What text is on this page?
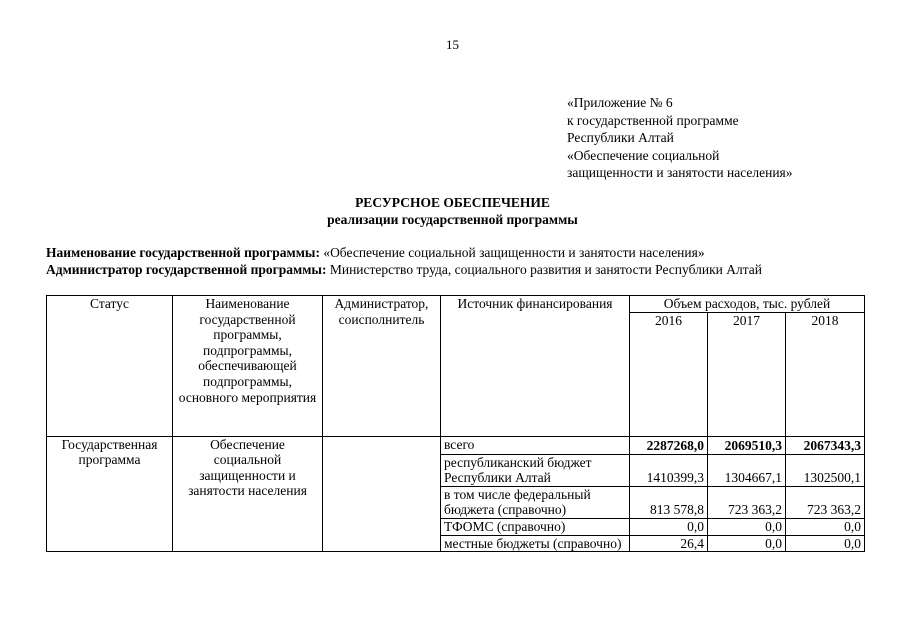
15
«Приложение № 6
к государственной программе
Республики Алтай
«Обеспечение социальной
защищенности и занятости населения»
РЕСУРСНОЕ ОБЕСПЕЧЕНИЕ
реализации государственной программы
Наименование государственной программы: «Обеспечение социальной защищенности и занятости населения»
Администратор государственной программы: Министерство труда, социального развития и занятости Республики Алтай
Статус	Наименование государственной программы, подпрограммы, обеспечивающей подпрограммы, основного мероприятия	Администратор, соисполнитель	Источник финансирования	Объем расходов, тыс. рублей		
				2016	2017	2018
Государственная программа	Обеспечение социальной защищенности и занятости населения		всего	2287268,0	2069510,3	2067343,3
			республиканский бюджет Республики Алтай	1410399,3	1304667,1	1302500,1
			в том числе федеральный бюджета (справочно)	813 578,8	723 363,2	723 363,2
			ТФОМС (справочно)	0,0	0,0	0,0
			местные бюджеты (справочно)	26,4	0,0	0,0
